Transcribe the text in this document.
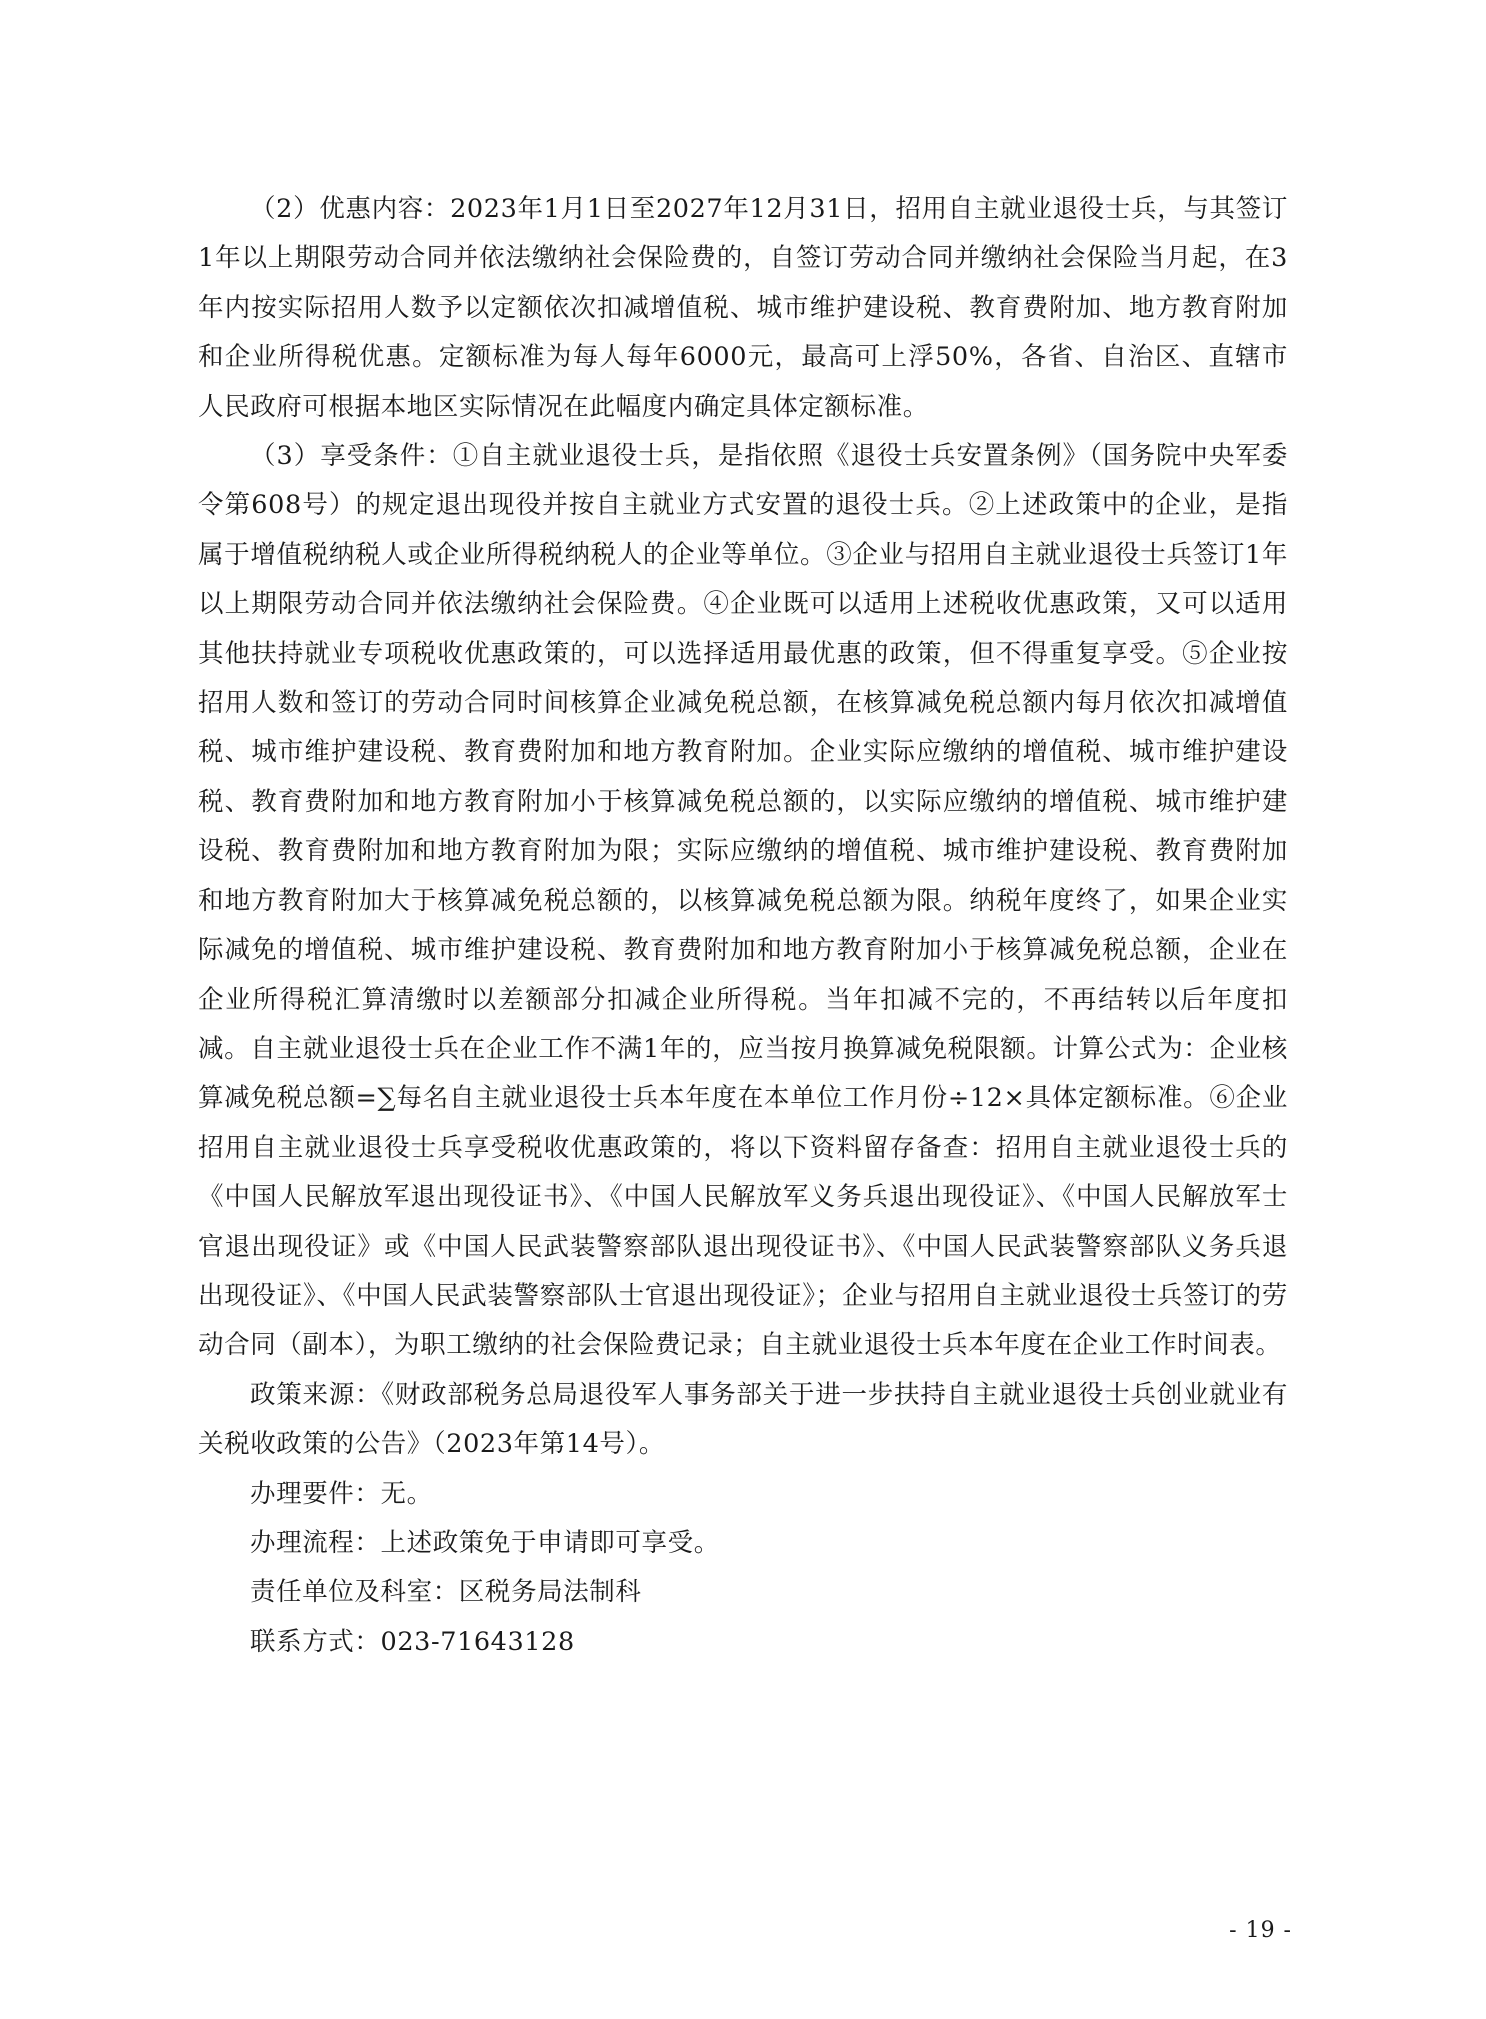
（2）优惠内容：2023年1月1日至2027年12月31日，招用自主就业退役士兵，与其签订1年以上期限劳动合同并依法缴纳社会保险费的，自签订劳动合同并缴纳社会保险当月起，在3年内按实际招用人数予以定额依次扣减增值税、城市维护建设税、教育费附加、地方教育附加和企业所得税优惠。定额标准为每人每年6000元，最高可上浮50%，各省、自治区、直辖市人民政府可根据本地区实际情况在此幅度内确定具体定额标准。

（3）享受条件：①自主就业退役士兵，是指依照《退役士兵安置条例》（国务院中央军委令第608号）的规定退出现役并按自主就业方式安置的退役士兵。②上述政策中的企业，是指属于增值税纳税人或企业所得税纳税人的企业等单位。③企业与招用自主就业退役士兵签订1年以上期限劳动合同并依法缴纳社会保险费。④企业既可以适用上述税收优惠政策，又可以适用其他扶持就业专项税收优惠政策的，可以选择适用最优惠的政策，但不得重复享受。⑤企业按招用人数和签订的劳动合同时间核算企业减免税总额，在核算减免税总额内每月依次扣减增值税、城市维护建设税、教育费附加和地方教育附加。企业实际应缴纳的增值税、城市维护建设税、教育费附加和地方教育附加小于核算减免税总额的，以实际应缴纳的增值税、城市维护建设税、教育费附加和地方教育附加为限；实际应缴纳的增值税、城市维护建设税、教育费附加和地方教育附加大于核算减免税总额的，以核算减免税总额为限。纳税年度终了，如果企业实际减免的增值税、城市维护建设税、教育费附加和地方教育附加小于核算减免税总额，企业在企业所得税汇算清缴时以差额部分扣减企业所得税。当年扣减不完的，不再结转以后年度扣减。自主就业退役士兵在企业工作不满1年的，应当按月换算减免税限额。计算公式为：企业核算减免税总额=∑每名自主就业退役士兵本年度在本单位工作月份÷12×具体定额标准。⑥企业招用自主就业退役士兵享受税收优惠政策的，将以下资料留存备查：招用自主就业退役士兵的《中国人民解放军退出现役证书》、《中国人民解放军义务兵退出现役证》、《中国人民解放军士官退出现役证》或《中国人民武装警察部队退出现役证书》、《中国人民武装警察部队义务兵退出现役证》、《中国人民武装警察部队士官退出现役证》；企业与招用自主就业退役士兵签订的劳动合同（副本），为职工缴纳的社会保险费记录；自主就业退役士兵本年度在企业工作时间表。

政策来源：《财政部税务总局退役军人事务部关于进一步扶持自主就业退役士兵创业就业有关税收政策的公告》（2023年第14号）。

办理要件：无。

办理流程：上述政策免于申请即可享受。

责任单位及科室：区税务局法制科

联系方式：023-71643128

- 19 -
